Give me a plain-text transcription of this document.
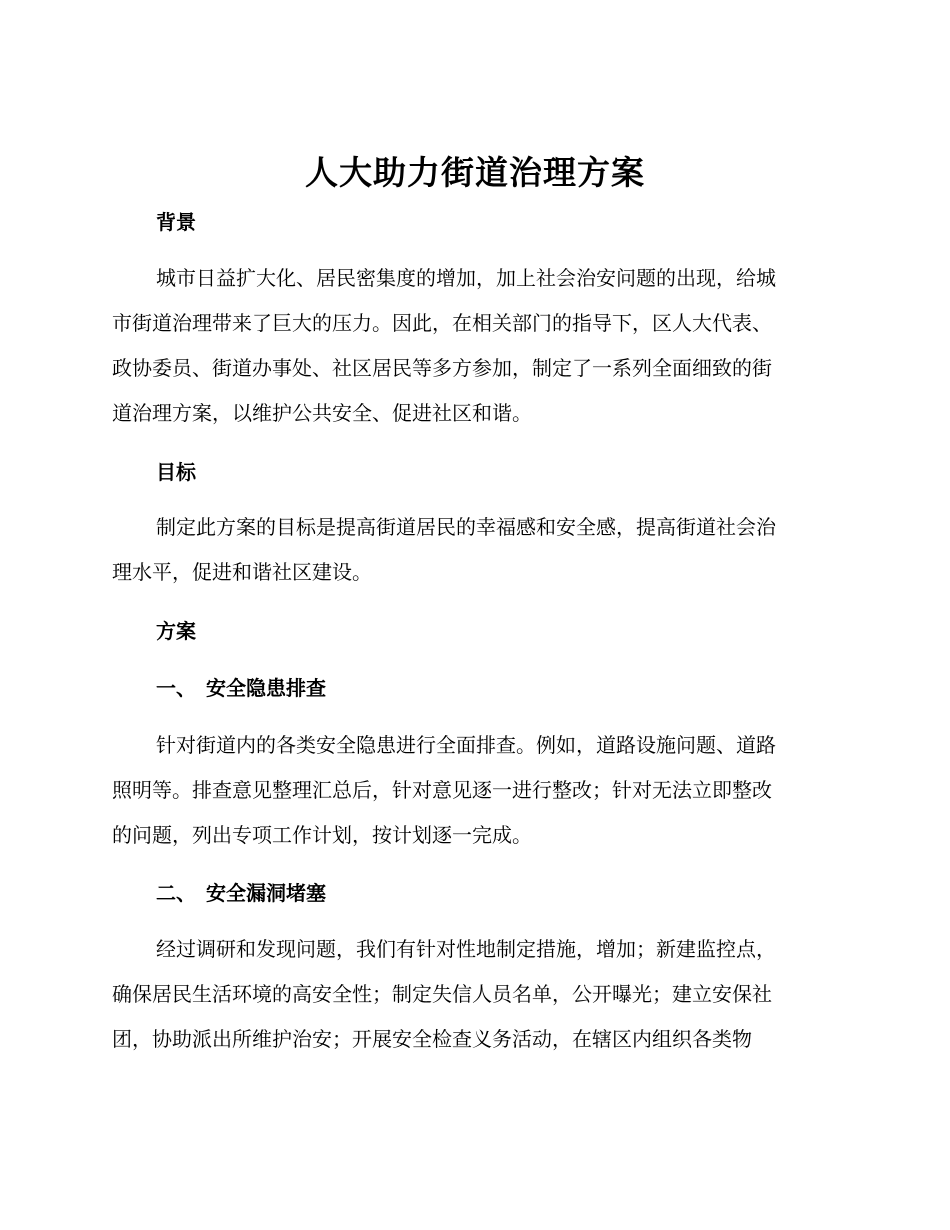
人大助力街道治理方案
背景
城市日益扩大化、居民密集度的增加，加上社会治安问题的出现，给城
市街道治理带来了巨大的压力。因此，在相关部门的指导下，区人大代表、
政协委员、街道办事处、社区居民等多方参加，制定了一系列全面细致的街
道治理方案，以维护公共安全、促进社区和谐。
目标
制定此方案的目标是提高街道居民的幸福感和安全感，提高街道社会治
理水平，促进和谐社区建设。
方案
一、 安全隐患排查
针对街道内的各类安全隐患进行全面排查。例如，道路设施问题、道路
照明等。排查意见整理汇总后，针对意见逐一进行整改；针对无法立即整改
的问题，列出专项工作计划，按计划逐一完成。
二、 安全漏洞堵塞
经过调研和发现问题，我们有针对性地制定措施，增加；新建监控点，
确保居民生活环境的高安全性；制定失信人员名单，公开曝光；建立安保社
团，协助派出所维护治安；开展安全检查义务活动，在辖区内组织各类物
